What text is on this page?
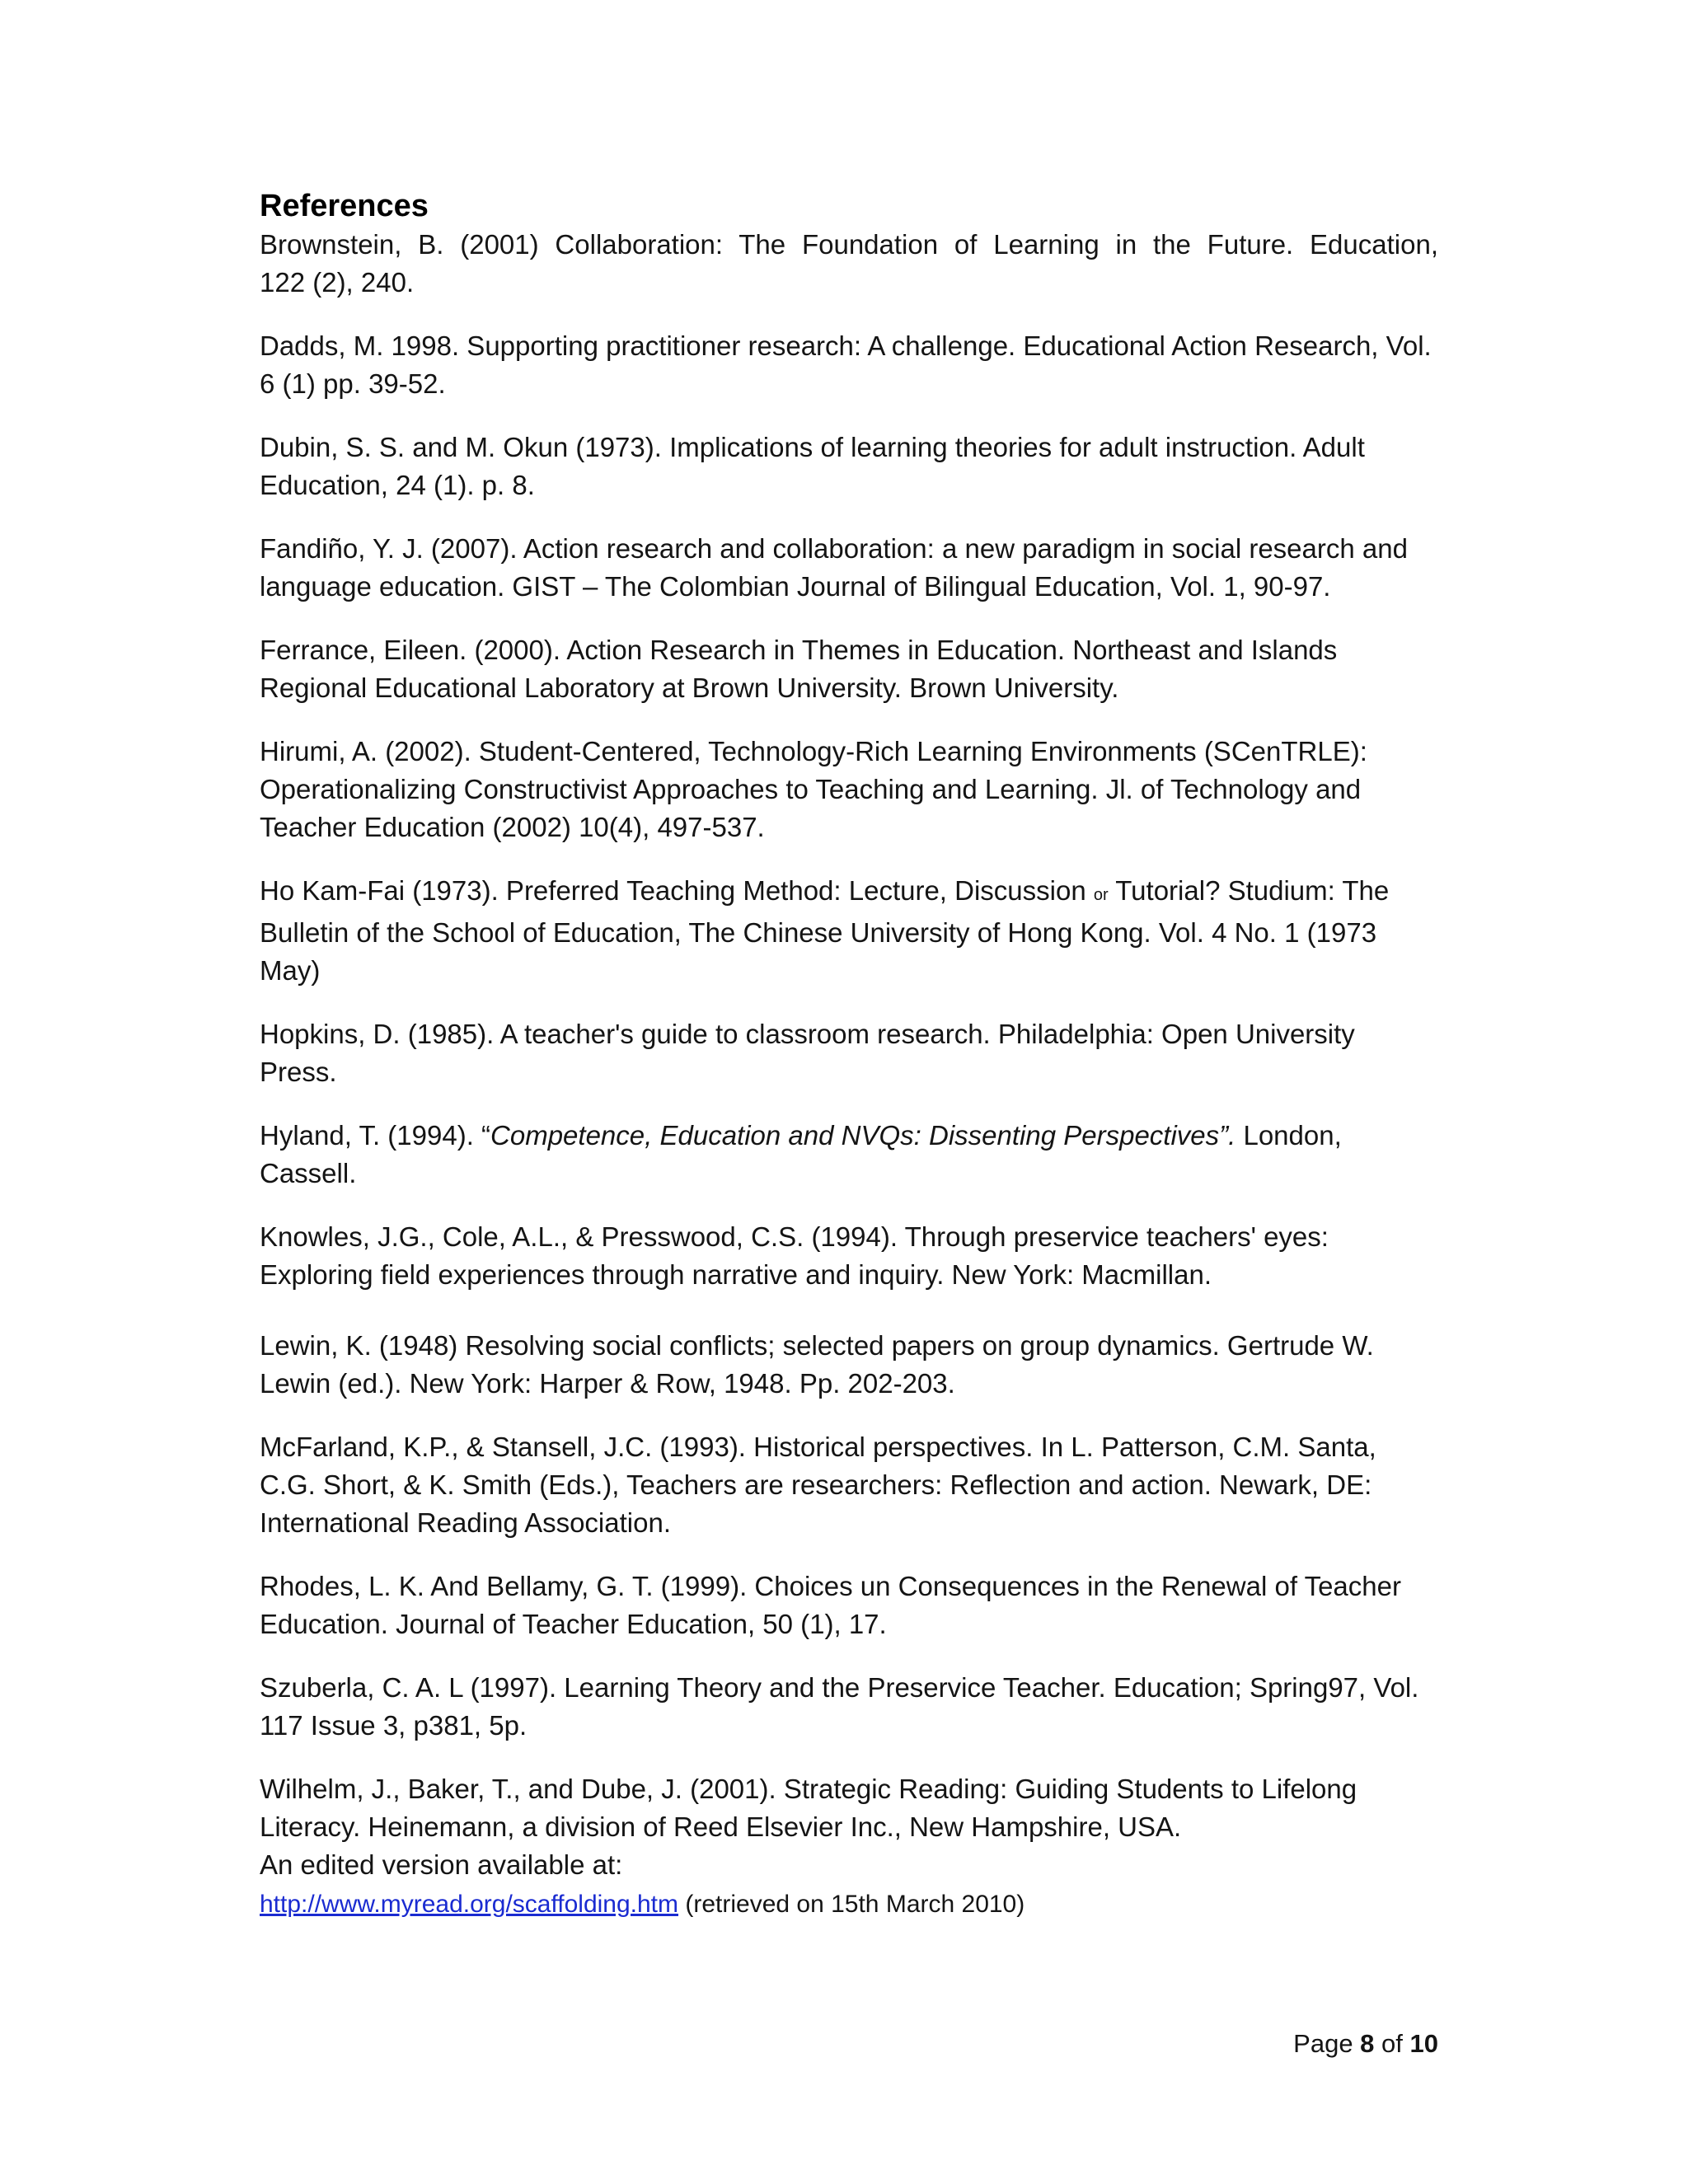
References
Brownstein, B. (2001) Collaboration: The Foundation of Learning in the Future. Education,
122 (2), 240.
Dadds, M. 1998. Supporting practitioner research: A challenge. Educational Action Research, Vol. 6 (1) pp. 39-52.
Dubin, S. S. and M. Okun (1973). Implications of learning theories for adult instruction. Adult Education, 24 (1). p. 8.
Fandiño, Y. J. (2007). Action research and collaboration: a new paradigm in social research and language education. GIST – The Colombian Journal of Bilingual Education, Vol. 1, 90-97.
Ferrance, Eileen. (2000). Action Research in Themes in Education. Northeast and Islands Regional Educational Laboratory at Brown University. Brown University.
Hirumi, A. (2002). Student-Centered, Technology-Rich Learning Environments (SCenTRLE): Operationalizing Constructivist Approaches to Teaching and Learning. Jl. of Technology and Teacher Education (2002) 10(4), 497-537.
Ho Kam-Fai (1973). Preferred Teaching Method: Lecture, Discussion or Tutorial? Studium: The Bulletin of the School of Education, The Chinese University of Hong Kong. Vol. 4 No. 1 (1973 May)
Hopkins, D. (1985). A teacher's guide to classroom research. Philadelphia: Open University Press.
Hyland, T. (1994). “Competence, Education and NVQs: Dissenting Perspectives”. London, Cassell.
Knowles, J.G., Cole, A.L., & Presswood, C.S. (1994). Through preservice teachers' eyes: Exploring field experiences through narrative and inquiry. New York: Macmillan.
Lewin, K. (1948) Resolving social conflicts; selected papers on group dynamics. Gertrude W. Lewin (ed.). New York: Harper & Row, 1948. Pp. 202-203.
McFarland, K.P., & Stansell, J.C. (1993). Historical perspectives. In L. Patterson, C.M. Santa, C.G. Short, & K. Smith (Eds.), Teachers are researchers: Reflection and action. Newark, DE: International Reading Association.
Rhodes, L. K. And Bellamy, G. T. (1999). Choices un Consequences in the Renewal of Teacher Education. Journal of Teacher Education, 50 (1), 17.
Szuberla, C. A. L (1997). Learning Theory and the Preservice Teacher. Education; Spring97, Vol. 117 Issue 3, p381, 5p.
Wilhelm, J., Baker, T., and Dube, J. (2001). Strategic Reading: Guiding Students to Lifelong Literacy. Heinemann, a division of Reed Elsevier Inc., New Hampshire, USA.
An edited version available at:
http://www.myread.org/scaffolding.htm (retrieved on 15th March 2010)
Page 8 of 10
